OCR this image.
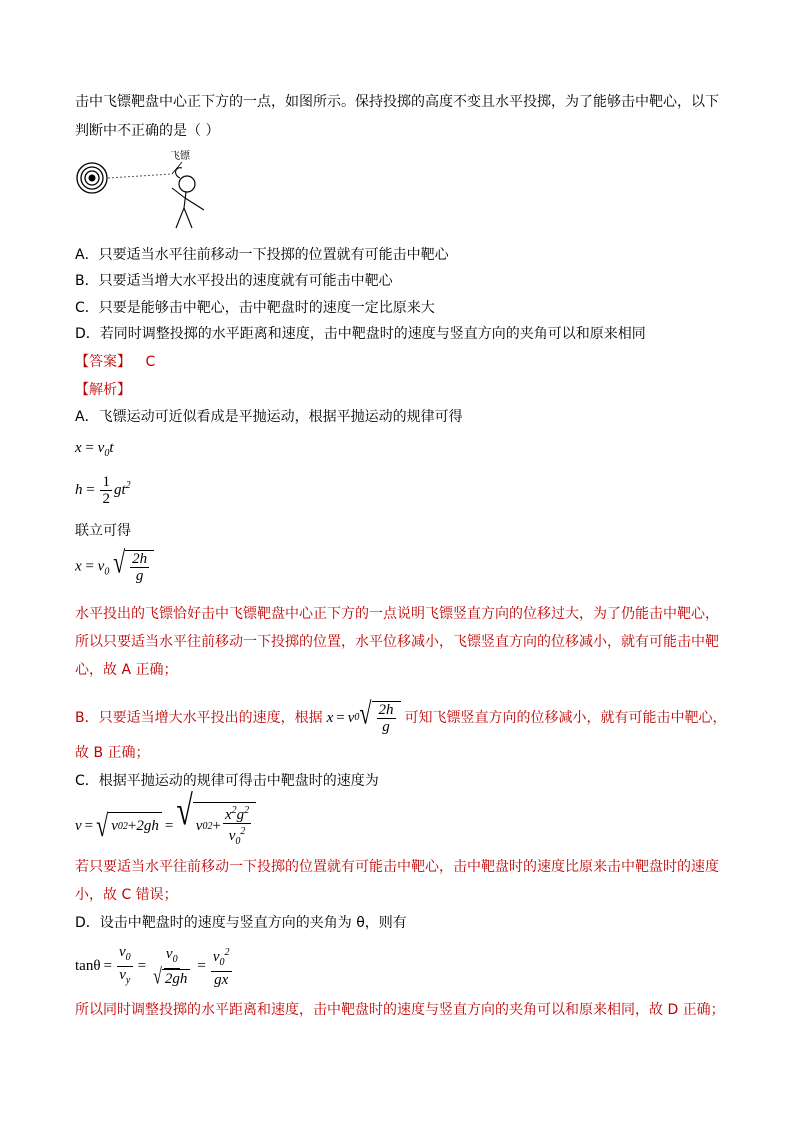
击中飞镖靶盘中心正下方的一点，如图所示。保持投掷的高度不变且水平投掷，为了能够击中靶心，以下
判断中不正确的是（ ）
飞镖
A．只要适当水平往前移动一下投掷的位置就有可能击中靶心
B．只要适当增大水平投出的速度就有可能击中靶心
C．只要是能够击中靶心，击中靶盘时的速度一定比原来大
D．若同时调整投掷的水平距离和速度，击中靶盘时的速度与竖直方向的夹角可以和原来相同
【答案】 C
【解析】
A．飞镖运动可近似看成是平抛运动，根据平抛运动的规律可得
$x = v_0t$
$h = \frac{1}{2} gt^2$
联立可得
$x = v_0$ √ $\frac{2h}{g}$
水平投出的飞镖恰好击中飞镖靶盘中心正下方的一点说明飞镖竖直方向的位移过大，为了仍能击中靶心，
所以只要适当水平往前移动一下投掷的位置，水平位移减小，飞镖竖直方向的位移减小，就有可能击中靶
心，故 A 正确；
B．只要适当增大水平投出的速度，根据 x = v 0 √ $\frac{2h}{g}$ 可知飞镖竖直方向的位移减小，就有可能击中靶心，
故 B 正确；
C．根据平抛运动的规律可得击中靶盘时的速度为
v = √ v 0 2 + 2gh = √ v 0 $2 + \frac{x^2g^2}{v_0^2}$
若只要适当水平往前移动一下投掷的位置就有可能击中靶心，击中靶盘时的速度比原来击中靶盘时的速度
小，故 C 错误；
D．设击中靶盘时的速度与竖直方向的夹角为 θ，则有
$\tan\theta = \frac{v_0}{v_y} = \frac{v_0}{√ 2gh} = \frac{v_0^2}{gx}$
所以同时调整投掷的水平距离和速度，击中靶盘时的速度与竖直方向的夹角可以和原来相同，故 D 正确；
